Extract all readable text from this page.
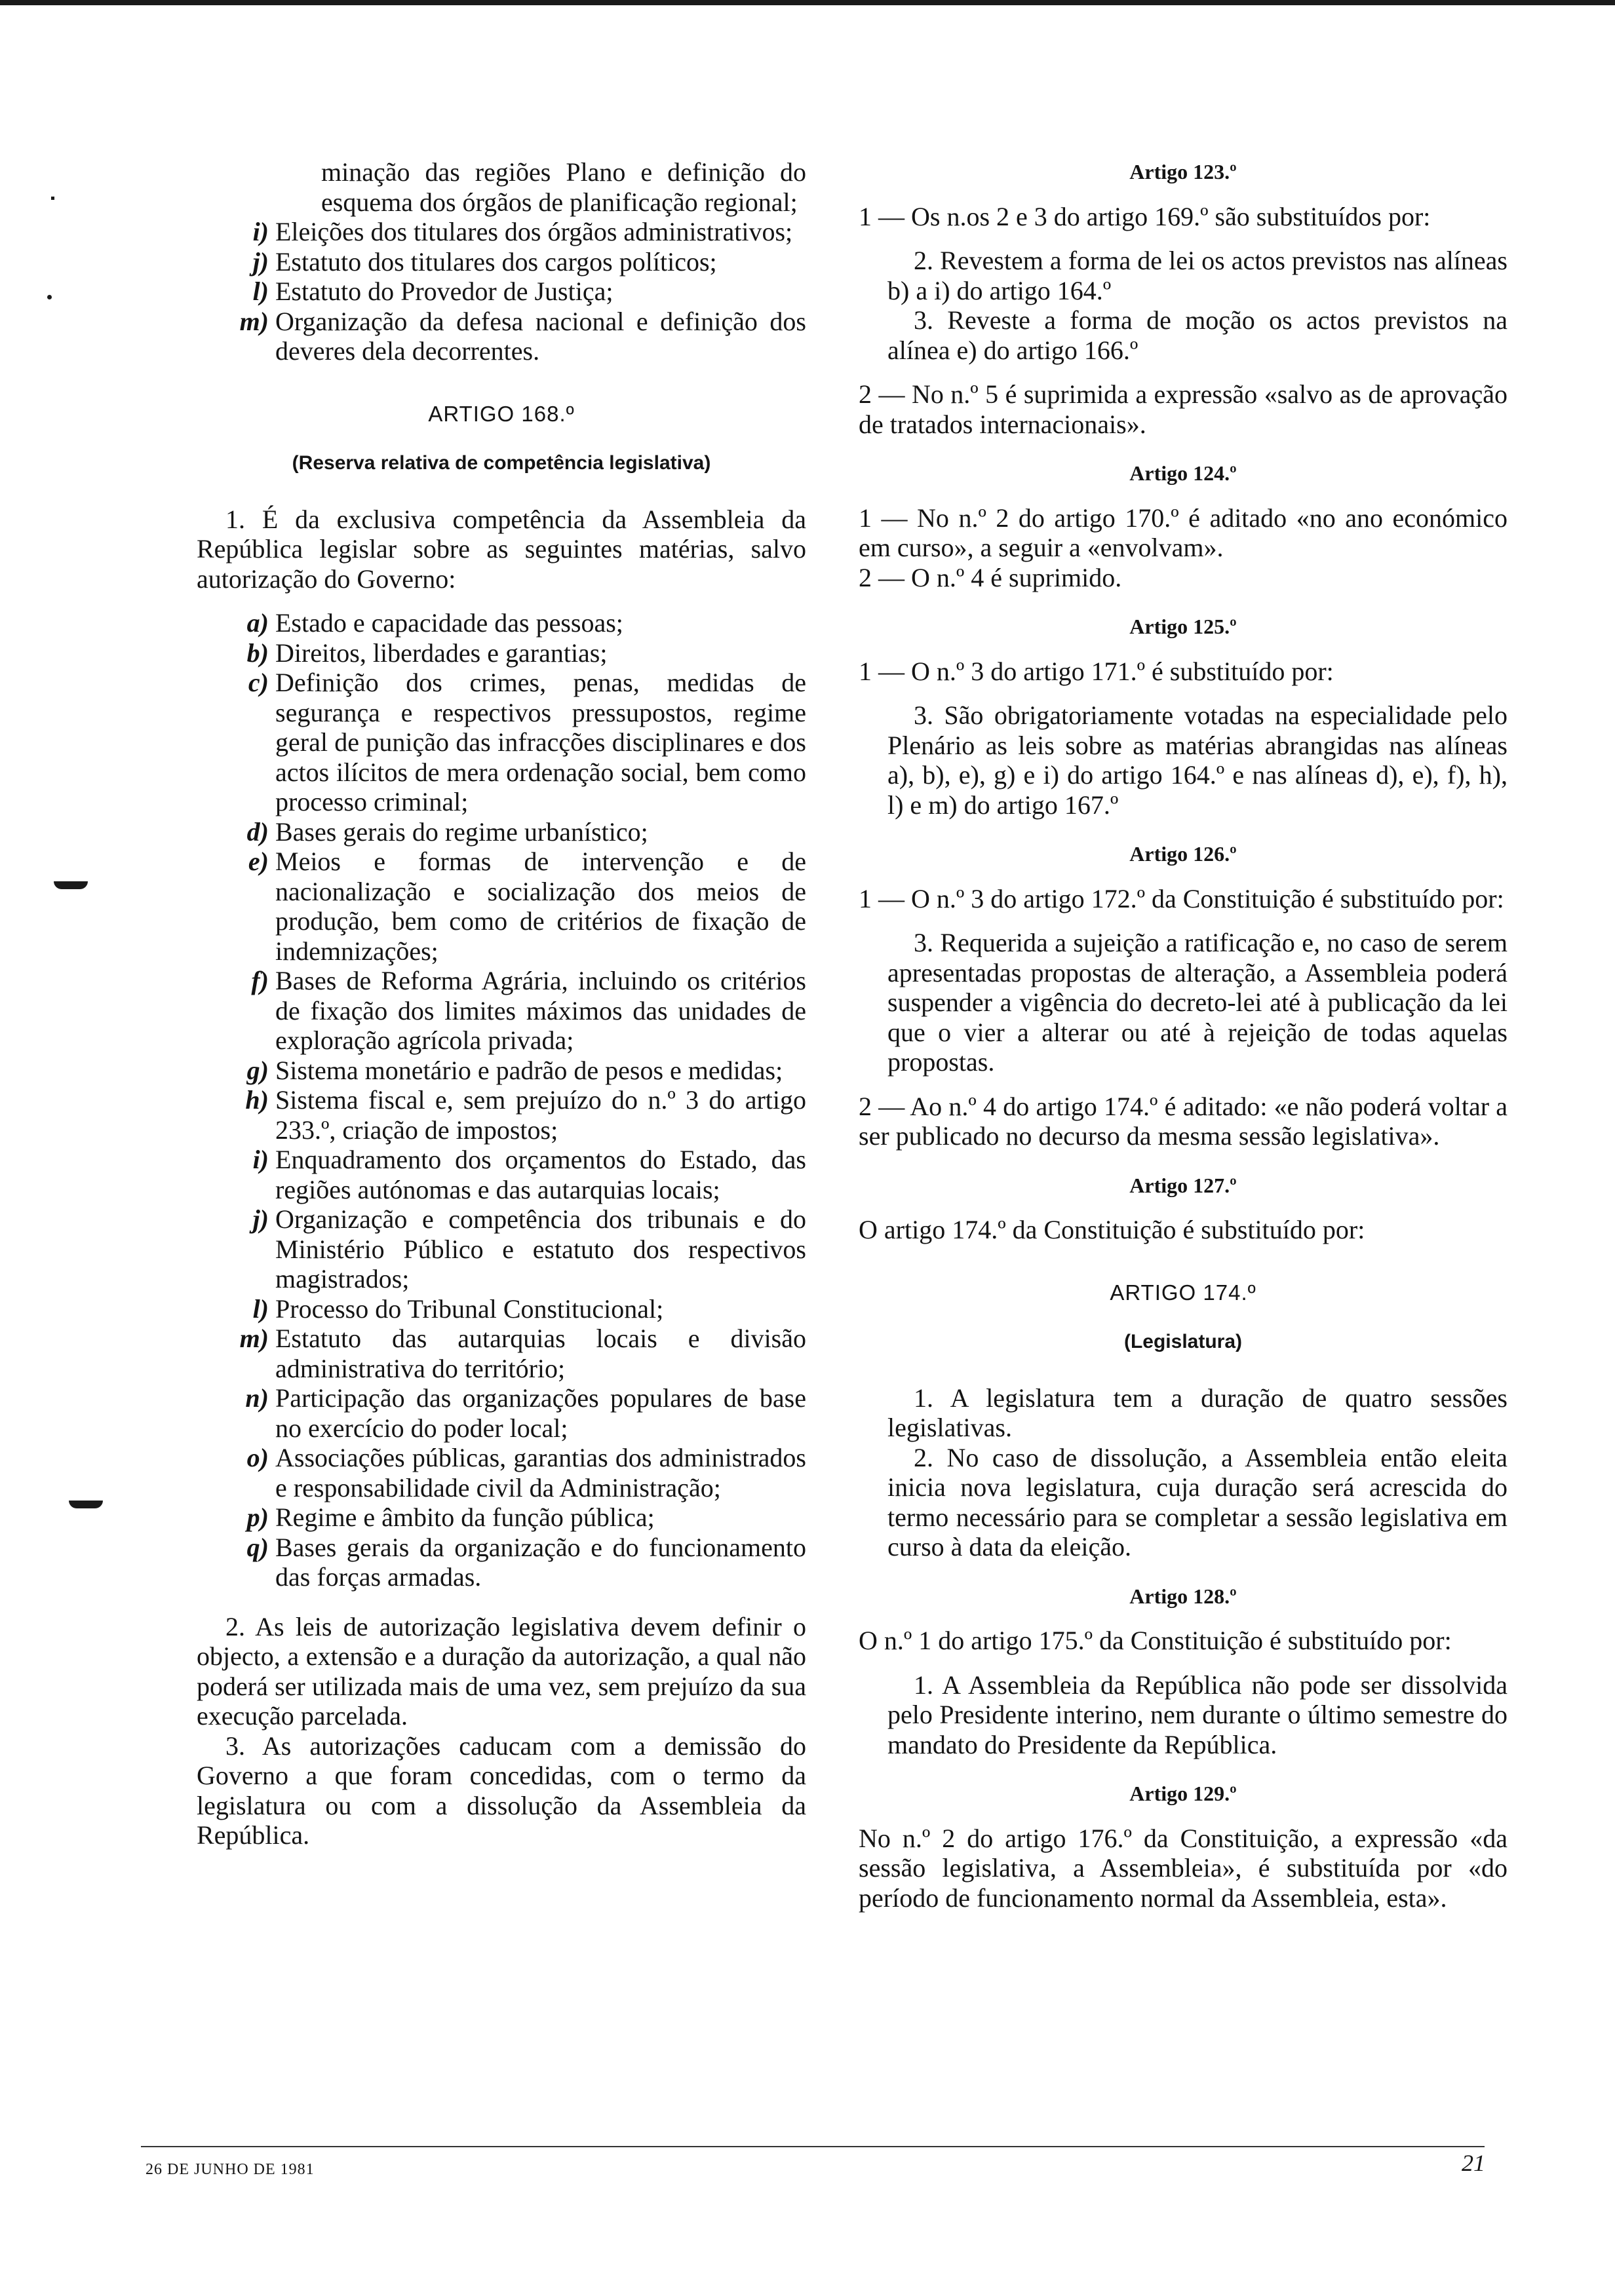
minação das regiões Plano e definição do esquema dos órgãos de planificação regional;

i) Eleições dos titulares dos órgãos administrativos;
j) Estatuto dos titulares dos cargos políticos;
l) Estatuto do Provedor de Justiça;
m) Organização da defesa nacional e definição dos deveres dela decorrentes.
ARTIGO 168.º
(Reserva relativa de competência legislativa)

1. É da exclusiva competência da Assembleia da República legislar sobre as seguintes matérias, salvo autorização do Governo:

a) Estado e capacidade das pessoas;
b) Direitos, liberdades e garantias;
c) Definição dos crimes, penas, medidas de segurança e respectivos pressupostos, regime geral de punição das infracções disciplinares e dos actos ilícitos de mera ordenação social, bem como processo criminal;
d) Bases gerais do regime urbanístico;
e) Meios e formas de intervenção e de nacionalização e socialização dos meios de produção, bem como de critérios de fixação de indemnizações;
f) Bases de Reforma Agrária, incluindo os critérios de fixação dos limites máximos das unidades de exploração agrícola privada;
g) Sistema monetário e padrão de pesos e medidas;
h) Sistema fiscal e, sem prejuízo do n.º 3 do artigo 233.º, criação de impostos;
i) Enquadramento dos orçamentos do Estado, das regiões autónomas e das autarquias locais;
j) Organização e competência dos tribunais e do Ministério Público e estatuto dos respectivos magistrados;
l) Processo do Tribunal Constitucional;
m) Estatuto das autarquias locais e divisão administrativa do território;
n) Participação das organizações populares de base no exercício do poder local;
o) Associações públicas, garantias dos administrados e responsabilidade civil da Administração;
p) Regime e âmbito da função pública;
q) Bases gerais da organização e do funcionamento das forças armadas.

2. As leis de autorização legislativa devem definir o objecto, a extensão e a duração da autorização, a qual não poderá ser utilizada mais de uma vez, sem prejuízo da sua execução parcelada.

3. As autorizações caducam com a demissão do Governo a que foram concedidas, com o termo da legislatura ou com a dissolução da Assembleia da República.

Artigo 123.º

1 — Os n.os 2 e 3 do artigo 169.º são substituídos por:

2. Revestem a forma de lei os actos previstos nas alíneas b) a i) do artigo 164.º

3. Reveste a forma de moção os actos previstos na alínea e) do artigo 166.º

2 — No n.º 5 é suprimida a expressão «salvo as de aprovação de tratados internacionais».

Artigo 124.º

1 — No n.º 2 do artigo 170.º é aditado «no ano económico em curso», a seguir a «envolvam».

2 — O n.º 4 é suprimido.

Artigo 125.º

1 — O n.º 3 do artigo 171.º é substituído por:

3. São obrigatoriamente votadas na especialidade pelo Plenário as leis sobre as matérias abrangidas nas alíneas a), b), e), g) e i) do artigo 164.º e nas alíneas d), e), f), h), l) e m) do artigo 167.º

Artigo 126.º

1 — O n.º 3 do artigo 172.º da Constituição é substituído por:

3. Requerida a sujeição a ratificação e, no caso de serem apresentadas propostas de alteração, a Assembleia poderá suspender a vigência do decreto-lei até à publicação da lei que o vier a alterar ou até à rejeição de todas aquelas propostas.

2 — Ao n.º 4 do artigo 174.º é aditado: «e não poderá voltar a ser publicado no decurso da mesma sessão legislativa».

Artigo 127.º

O artigo 174.º da Constituição é substituído por:

ARTIGO 174.º
(Legislatura)

1. A legislatura tem a duração de quatro sessões legislativas.

2. No caso de dissolução, a Assembleia então eleita inicia nova legislatura, cuja duração será acrescida do termo necessário para se completar a sessão legislativa em curso à data da eleição.

Artigo 128.º

O n.º 1 do artigo 175.º da Constituição é substituído por:

1. A Assembleia da República não pode ser dissolvida pelo Presidente interino, nem durante o último semestre do mandato do Presidente da República.

Artigo 129.º

No n.º 2 do artigo 176.º da Constituição, a expressão «da sessão legislativa, a Assembleia», é substituída por «do período de funcionamento normal da Assembleia, esta».

26 DE JUNHO DE 1981	21
